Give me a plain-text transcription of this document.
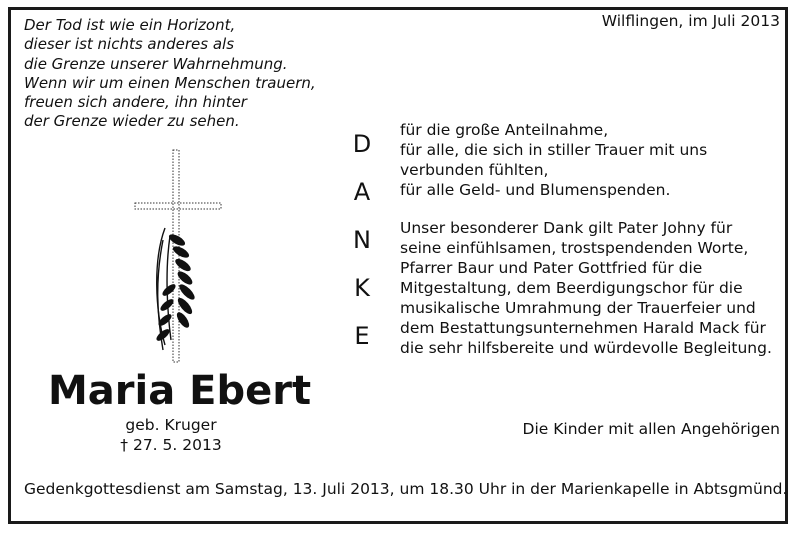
Der Tod ist wie ein Horizont,
dieser ist nichts anderes als
die Grenze unserer Wahrnehmung.
Wenn wir um einen Menschen trauern,
freuen sich andere, ihn hinter
der Grenze wieder zu sehen.
Wilflingen, im Juli 2013
D
A
N
K
E
für die große Anteilnahme,
für alle, die sich in stiller Trauer mit uns
verbunden fühlten,
für alle Geld- und Blumenspenden.
Unser besonderer Dank gilt Pater Johny für
seine einfühlsamen, trostspendenden Worte,
Pfarrer Baur und Pater Gottfried für die
Mitgestaltung, dem Beerdigungschor für die
musikalische Umrahmung der Trauerfeier und
dem Bestattungsunternehmen Harald Mack für
die sehr hilfsbereite und würdevolle Begleitung.
Maria Ebert
geb. Kruger
† 27. 5. 2013
Die Kinder mit allen Angehörigen
Gedenkgottesdienst am Samstag, 13. Juli 2013, um 18.30 Uhr in der Marienkapelle in Abtsgmünd.
